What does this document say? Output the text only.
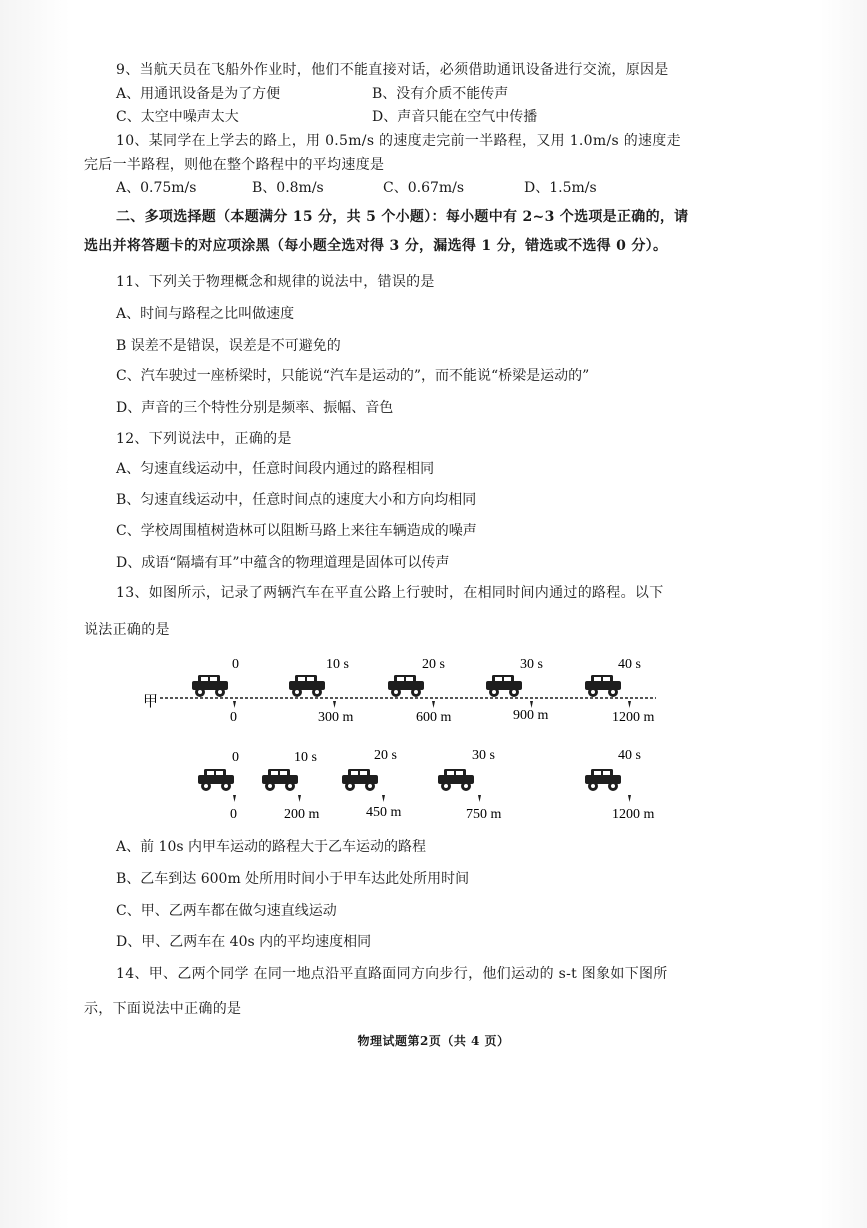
9、当航天员在飞船外作业时，他们不能直接对话，必须借助通讯设备进行交流，原因是
A、用通讯设备是为了方便	B、没有介质不能传声
C、太空中噪声太大	D、声音只能在空气中传播
10、某同学在上学去的路上，用 0.5m/s 的速度走完前一半路程，又用 1.0m/s 的速度走
完后一半路程，则他在整个路程中的平均速度是
A、0.75m/s	B、0.8m/s	C、0.67m/s	D、1.5m/s
二、多项选择题（本题满分 15 分，共 5 个小题）：每小题中有 2~3 个选项是正确的，请
选出并将答题卡的对应项涂黑（每小题全选对得 3 分，漏选得 1 分，错选或不选得 0 分）。
11、下列关于物理概念和规律的说法中，错误的是
A、时间与路程之比叫做速度
B 误差不是错误，误差是不可避免的
C、汽车驶过一座桥梁时，只能说“汽车是运动的”，而不能说“桥梁是运动的”
D、声音的三个特性分别是频率、振幅、音色
12、下列说法中，正确的是
A、匀速直线运动中，任意时间段内通过的路程相同
B、匀速直线运动中，任意时间点的速度大小和方向均相同
C、学校周围植树造林可以阻断马路上来往车辆造成的噪声
D、成语“隔墙有耳”中蕴含的物理道理是固体可以传声
13、如图所示，记录了两辆汽车在平直公路上行驶时，在相同时间内通过的路程。以下
说法正确的是
甲
0	10 s	20 s	30 s	40 s
0	300 m	600 m	900 m	1200 m
0	10 s	20 s	30 s	40 s
0	200 m	450 m	750 m	1200 m
A、前 10s 内甲车运动的路程大于乙车运动的路程
B、乙车到达 600m 处所用时间小于甲车达此处所用时间
C、甲、乙两车都在做匀速直线运动
D、甲、乙两车在 40s 内的平均速度相同
14、甲、乙两个同学 在同一地点沿平直路面同方向步行，他们运动的 s-t 图象如下图所
示，下面说法中正确的是
物理试题第2页（共 4 页）
